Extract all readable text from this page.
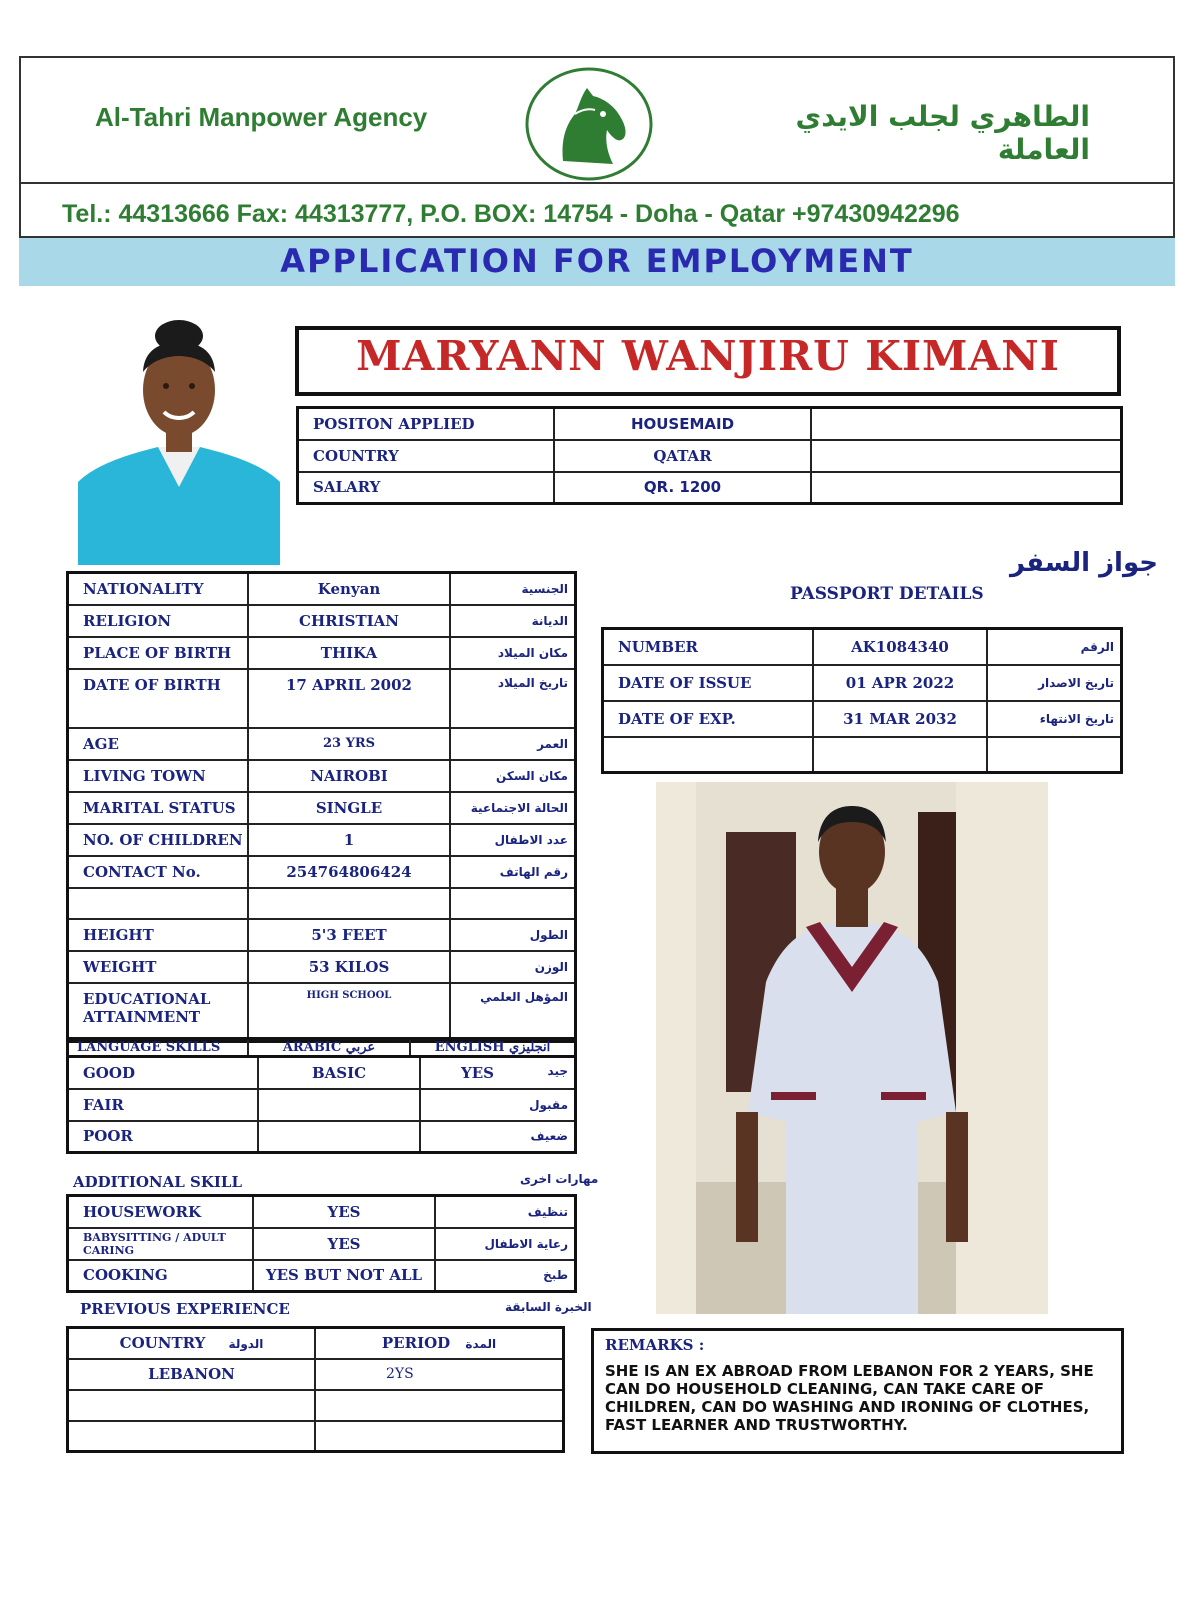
Al-Tahri Manpower Agency	الطاهري لجلب الايدي العاملة
Tel.: 44313666 Fax: 44313777, P.O. BOX: 14754 - Doha - Qatar +97430942296
APPLICATION FOR EMPLOYMENT
MARYANN WANJIRU KIMANI
POSITON APPLIED	HOUSEMAID	
COUNTRY	QATAR	
SALARY	QR. 1200	
NATIONALITY	Kenyan	الجنسية
RELIGION	CHRISTIAN	الديانة
PLACE OF BIRTH	THIKA	مكان الميلاد
DATE OF BIRTH	17 APRIL 2002	تاريخ الميلاد
AGE	23 YRS	العمر
LIVING TOWN	NAIROBI	مكان السكن
MARITAL STATUS	SINGLE	الحالة الاجتماعية
NO. OF CHILDREN	1	عدد الاطفال
CONTACT No.	254764806424	رقم الهاتف

HEIGHT	5'3 FEET	الطول
WEIGHT	53 KILOS	الوزن
EDUCATIONAL ATTAINMENT	HIGH SCHOOL	المؤهل العلمي
LANGUAGE SKILLS	ARABIC عربي	ENGLISH انجليزي
GOOD	BASIC	YES جيد

FAIR		مقبول

POOR		ضعيف
ADDITIONAL SKILL	مهارات اخرى
HOUSEWORK	YES	تنظيف
BABYSITTING / ADULT CARING	YES	رعاية الاطفال
COOKING	YES BUT NOT ALL	طبخ
PREVIOUS EXPERIENCE	الخبرة السابقة
COUNTRY الدولة	PERIOD المدة
LEBANON	2YS

جواز السفر
PASSPORT DETAILS
NUMBER	AK1084340	الرقم
DATE OF ISSUE	01 APR 2022	تاريخ الاصدار
DATE OF EXP.	31 MAR 2032	تاريخ الانتهاء

REMARKS :
SHE IS AN EX ABROAD FROM LEBANON FOR 2 YEARS, SHE CAN DO HOUSEHOLD CLEANING, CAN TAKE CARE OF CHILDREN, CAN DO WASHING AND IRONING OF CLOTHES, FAST LEARNER AND TRUSTWORTHY.
